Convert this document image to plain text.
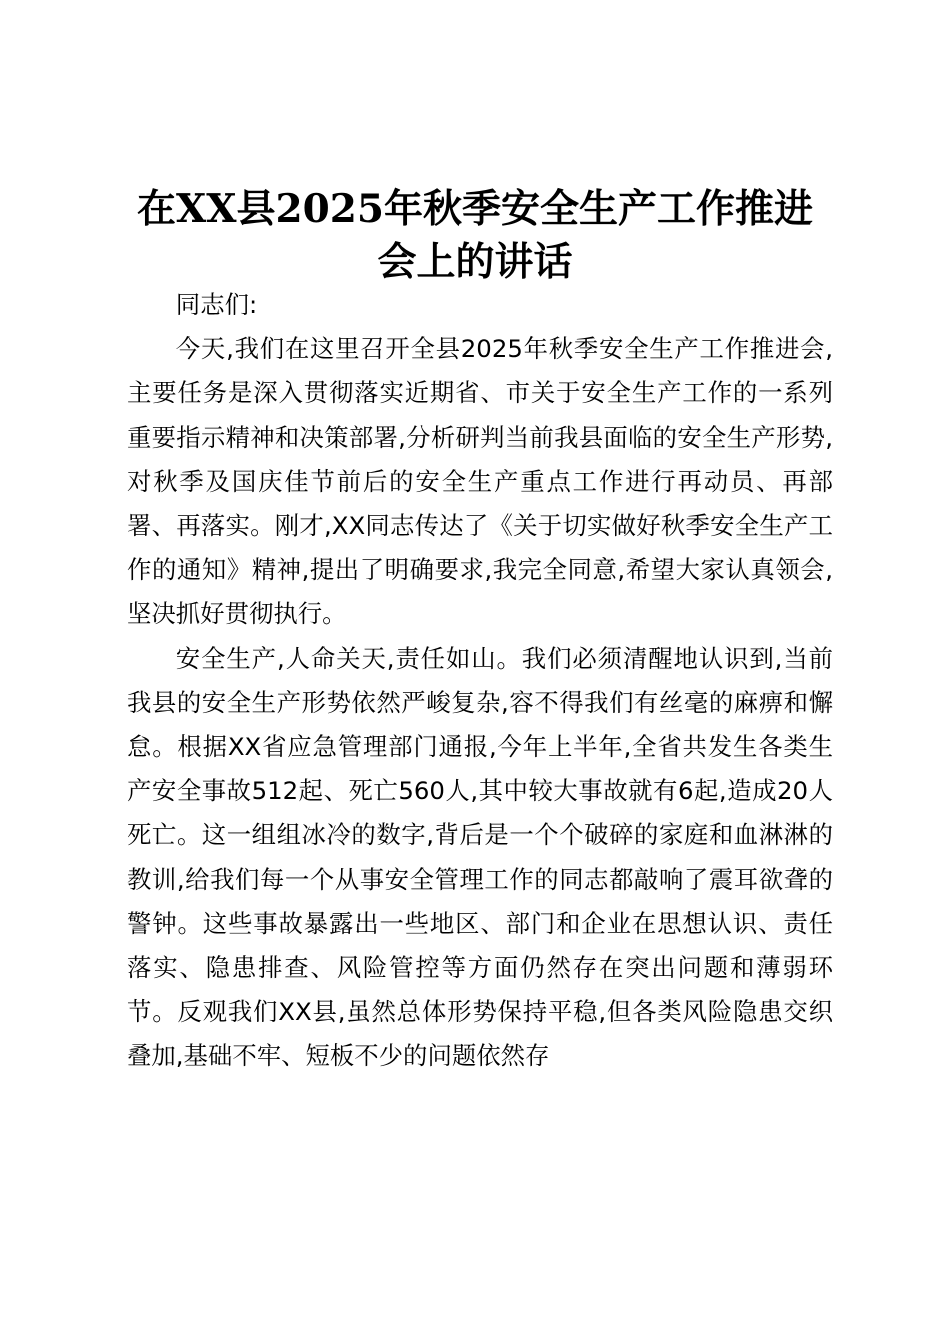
在XX县2025年秋季安全生产工作推进会上的讲话

同志们:

今天,我们在这里召开全县2025年秋季安全生产工作推进会,主要任务是深入贯彻落实近期省、市关于安全生产工作的一系列重要指示精神和决策部署,分析研判当前我县面临的安全生产形势,对秋季及国庆佳节前后的安全生产重点工作进行再动员、再部署、再落实。刚才,XX同志传达了《关于切实做好秋季安全生产工作的通知》精神,提出了明确要求,我完全同意,希望大家认真领会,坚决抓好贯彻执行。

安全生产,人命关天,责任如山。我们必须清醒地认识到,当前我县的安全生产形势依然严峻复杂,容不得我们有丝毫的麻痹和懈怠。根据XX省应急管理部门通报,今年上半年,全省共发生各类生产安全事故512起、死亡560人,其中较大事故就有6起,造成20人死亡。这一组组冰冷的数字,背后是一个个破碎的家庭和血淋淋的教训,给我们每一个从事安全管理工作的同志都敲响了震耳欲聋的警钟。这些事故暴露出一些地区、部门和企业在思想认识、责任落实、隐患排查、风险管控等方面仍然存在突出问题和薄弱环节。反观我们XX县,虽然总体形势保持平稳,但各类风险隐患交织叠加,基础不牢、短板不少的问题依然存
